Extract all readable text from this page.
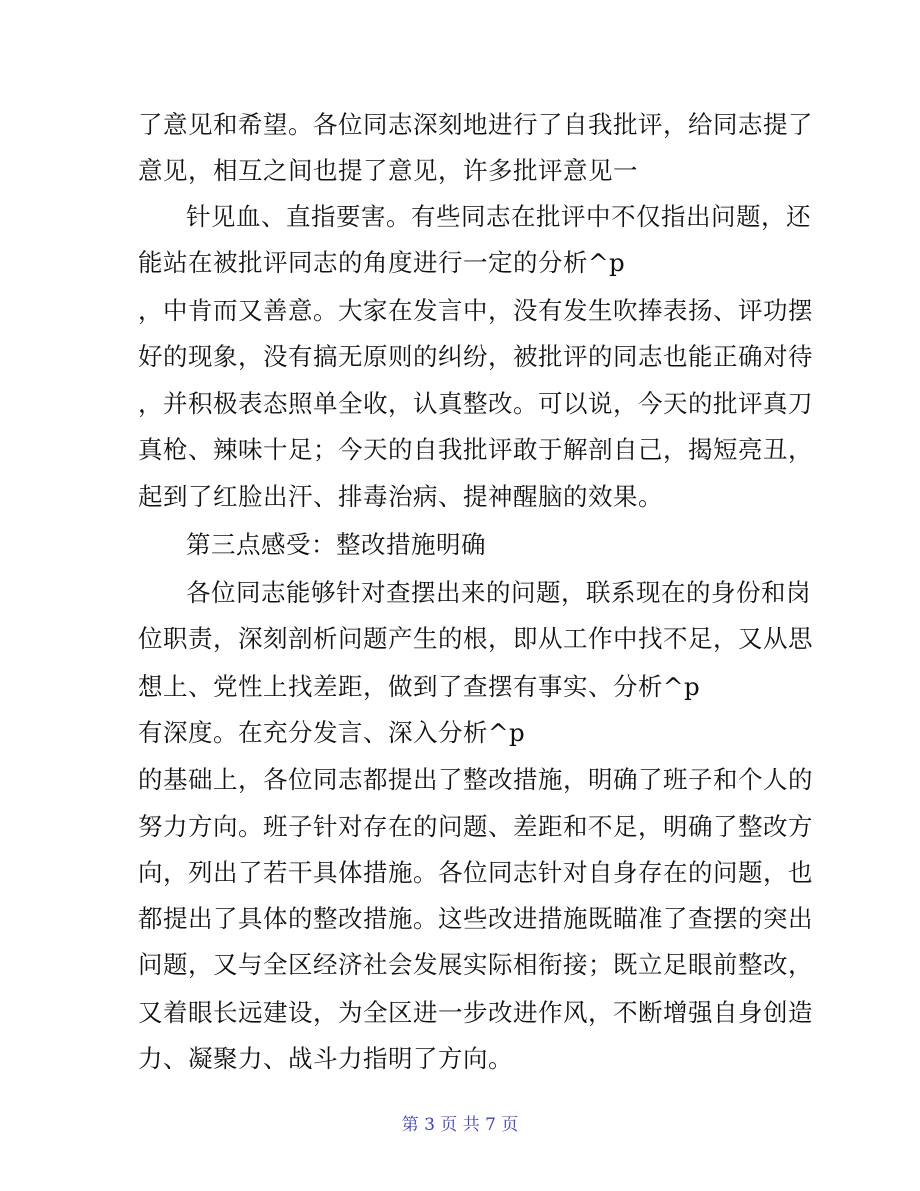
了意见和希望。各位同志深刻地进行了自我批评，给同志提了
意见，相互之间也提了意见，许多批评意见一
针见血、直指要害。有些同志在批评中不仅指出问题，还
能站在被批评同志的角度进行一定的分析^p
，中肯而又善意。大家在发言中，没有发生吹捧表扬、评功摆
好的现象，没有搞无原则的纠纷，被批评的同志也能正确对待
，并积极表态照单全收，认真整改。可以说，今天的批评真刀
真枪、辣味十足；今天的自我批评敢于解剖自己，揭短亮丑，
起到了红脸出汗、排毒治病、提神醒脑的效果。
第三点感受：整改措施明确
各位同志能够针对查摆出来的问题，联系现在的身份和岗
位职责，深刻剖析问题产生的根，即从工作中找不足，又从思
想上、党性上找差距，做到了查摆有事实、分析^p
有深度。在充分发言、深入分析^p
的基础上，各位同志都提出了整改措施，明确了班子和个人的
努力方向。班子针对存在的问题、差距和不足，明确了整改方
向，列出了若干具体措施。各位同志针对自身存在的问题，也
都提出了具体的整改措施。这些改进措施既瞄准了查摆的突出
问题，又与全区经济社会发展实际相衔接；既立足眼前整改，
又着眼长远建设，为全区进一步改进作风，不断增强自身创造
力、凝聚力、战斗力指明了方向。
第 3 页 共 7 页
